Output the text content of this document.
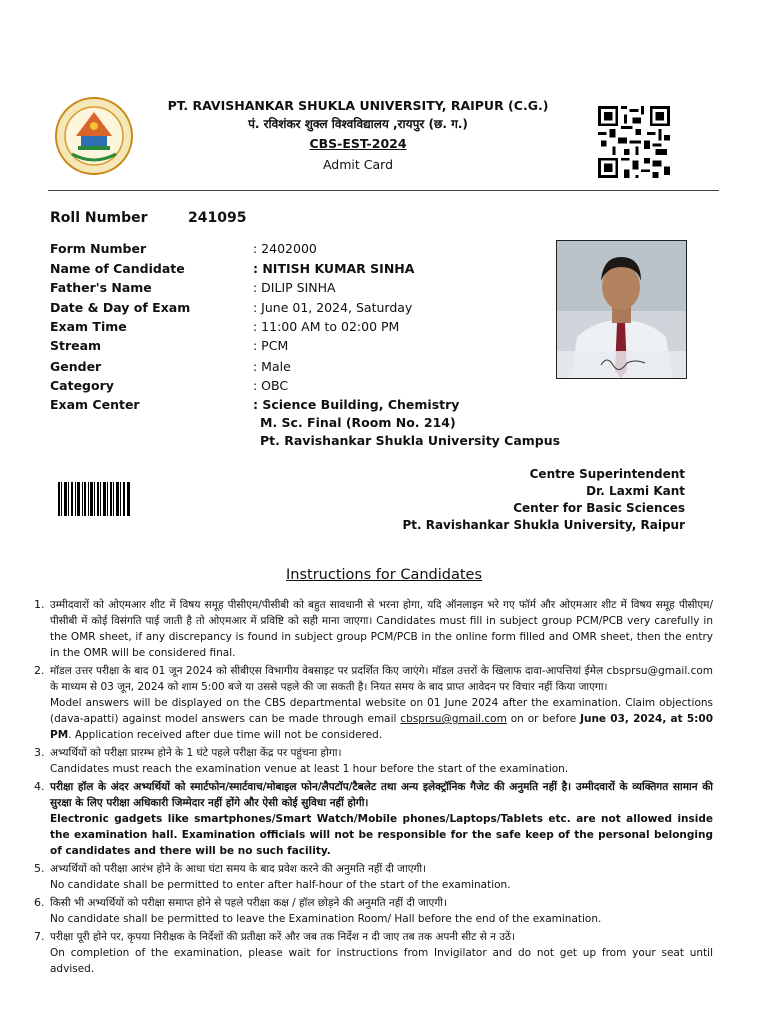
PT. RAVISHANKAR SHUKLA UNIVERSITY, RAIPUR (C.G.)
पं. रविशंकर शुक्ल विश्वविद्यालय ,रायपुर (छ. ग.)
CBS-EST-2024
Admit Card
Roll Number	241095
Form Number	: 2402000
Name of Candidate	: NITISH KUMAR SINHA
Father's Name	: DILIP SINHA
Date & Day of Exam	: June 01, 2024, Saturday
Exam Time	: 11:00 AM to 02:00 PM
Stream	: PCM
Gender	: Male
Category	: OBC
Exam Center	: Science Building, Chemistry
M. Sc. Final (Room No. 214)
Pt. Ravishankar Shukla University Campus
Centre Superintendent
Dr. Laxmi Kant
Center for Basic Sciences
Pt. Ravishankar Shukla University, Raipur
Instructions for Candidates
1. उम्मीदवारों को ओएमआर शीट में विषय समूह पीसीएम/पीसीबी को बहुत सावधानी से भरना होगा, यदि ऑनलाइन भरे गए फॉर्म और ओएमआर शीट में विषय समूह पीसीएम/पीसीबी में कोई विसंगति पाई जाती है तो ओएमआर में प्रविष्टि को सही माना जाएगा। Candidates must fill in subject group PCM/PCB very carefully in the OMR sheet, if any discrepancy is found in subject group PCM/PCB in the online form filled and OMR sheet, then the entry in the OMR will be considered final.
2. मॉडल उत्तर परीक्षा के बाद 01 जून 2024 को सीबीएस विभागीय वेबसाइट पर प्रदर्शित किए जाएंगे। मॉडल उत्तरों के खिलाफ दावा-आपत्तियां ईमेल cbsprsu@gmail.com के माध्यम से 03 जून, 2024 को शाम 5:00 बजे या उससे पहले की जा सकती है। नियत समय के बाद प्राप्त आवेदन पर विचार नहीं किया जाएगा।
Model answers will be displayed on the CBS departmental website on 01 June 2024 after the examination. Claim objections (dava-apatti) against model answers can be made through email cbsprsu@gmail.com on or before June 03, 2024, at 5:00 PM. Application received after due time will not be considered.
3. अभ्यर्थियों को परीक्षा प्रारम्भ होने के 1 घंटे पहले परीक्षा केंद्र पर पहुंचना होगा।
Candidates must reach the examination venue at least 1 hour before the start of the examination.
4. परीक्षा हॉल के अंदर अभ्यर्थियों को स्मार्टफोन/स्मार्टवाच/मोबाइल फोन/लैपटॉप/टैबलेट तथा अन्य इलेक्ट्रॉनिक गैजेट की अनुमति नहीं है। उम्मीदवारों के व्यक्तिगत सामान की सुरक्षा के लिए परीक्षा अधिकारी जिम्मेदार नहीं होंगे और ऐसी कोई सुविधा नहीं होगी।
Electronic gadgets like smartphones/Smart Watch/Mobile phones/Laptops/Tablets etc. are not allowed inside the examination hall. Examination officials will not be responsible for the safe keep of the personal belonging of candidates and there will be no such facility.
5. अभ्यर्थियों को परीक्षा आरंभ होने के आधा घंटा समय के बाद प्रवेश करने की अनुमति नहीं दी जाएगी।
No candidate shall be permitted to enter after half-hour of the start of the examination.
6. किसी भी अभ्यर्थियों को परीक्षा समाप्त होने से पहले परीक्षा कक्ष / हॉल छोड़ने की अनुमति नहीं दी जाएगी।
No candidate shall be permitted to leave the Examination Room/ Hall before the end of the examination.
7. परीक्षा पूरी होने पर, कृपया निरीक्षक के निर्देशों की प्रतीक्षा करें और जब तक निर्देश न दी जाए तब तक अपनी सीट से न उठें।
On completion of the examination, please wait for instructions from Invigilator and do not get up from your seat until advised.
